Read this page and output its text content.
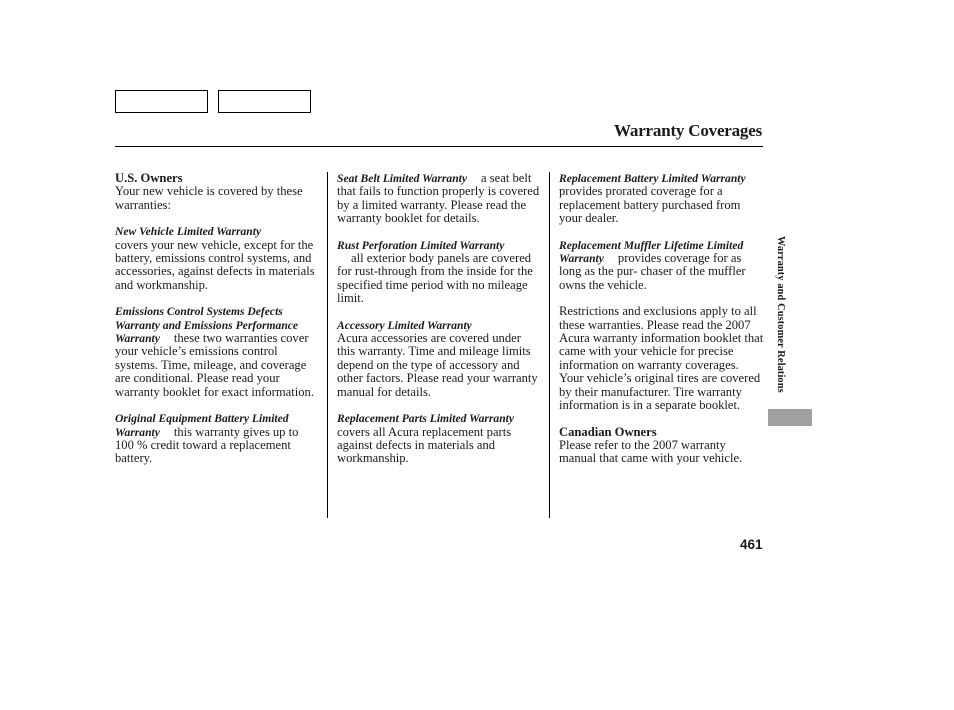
Warranty Coverages
U.S. Owners
Your new vehicle is covered by these warranties:
New Vehicle Limited Warranty
covers your new vehicle, except for the battery, emissions control systems, and accessories, against defects in materials and workmanship.
Emissions Control Systems Defects Warranty and Emissions Performance Warranty these two warranties cover your vehicle’s emissions control systems. Time, mileage, and coverage are conditional. Please read your warranty booklet for exact information.
Original Equipment Battery Limited Warranty this warranty gives up to 100 % credit toward a replacement battery.
Seat Belt Limited Warranty a seat belt that fails to function properly is covered by a limited warranty. Please read the warranty booklet for details.
Rust Perforation Limited Warranty
all exterior body panels are covered for rust-through from the inside for the specified time period with no mileage limit.
Accessory Limited Warranty
Acura accessories are covered under this warranty. Time and mileage limits depend on the type of accessory and other factors. Please read your warranty manual for details.
Replacement Parts Limited Warrantycovers all Acura replacement parts against defects in materials and workmanship.
Replacement Battery Limited Warrantyprovides prorated coverage for a replacement battery purchased from your dealer.
Replacement Muffler Lifetime Limited Warranty provides coverage for as long as the pur- chaser of the muffler owns the vehicle.
Restrictions and exclusions apply to all these warranties. Please read the 2007 Acura warranty information booklet that came with your vehicle for precise information on warranty coverages. Your vehicle’s original tires are covered by their manufacturer. Tire warranty information is in a separate booklet.
Canadian Owners
Please refer to the 2007 warranty manual that came with your vehicle.
Warranty and Customer Relations
461
